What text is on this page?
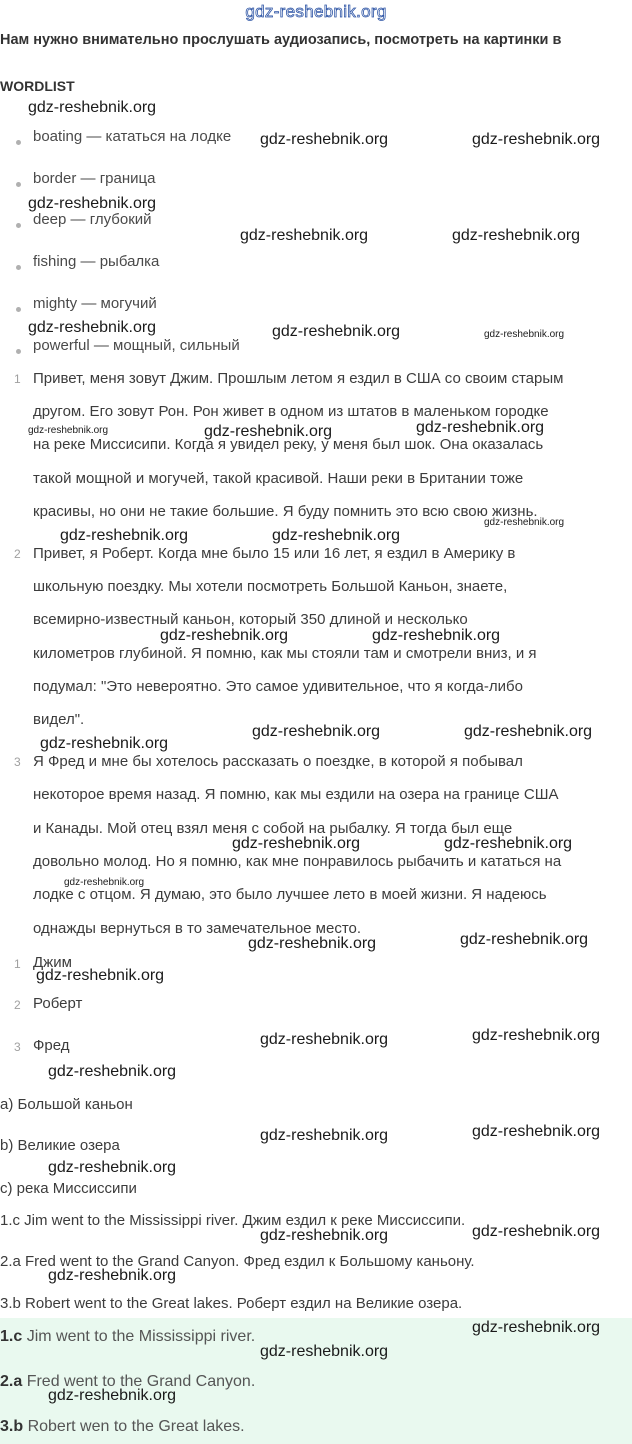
gdz-reshebnik.org
Нам нужно внимательно прослушать аудиозапись, посмотреть на картинки в
WORDLIST
boating — кататься на лодке
border — граница
deep — глубокий
fishing — рыбалка
mighty — могучий
powerful — мощный, сильный
1 Привет, меня зовут Джим. Прошлым летом я ездил в США со своим старым
другом. Его зовут Рон. Рон живет в одном из штатов в маленьком городке
на реке Миссисипи. Когда я увидел реку, у меня был шок. Она оказалась
такой мощной и могучей, такой красивой. Наши реки в Британии тоже
красивы, но они не такие большие. Я буду помнить это всю свою жизнь.
2 Привет, я Роберт. Когда мне было 15 или 16 лет, я ездил в Америку в
школьную поездку. Мы хотели посмотреть Большой Каньон, знаете,
всемирно-известный каньон, который 350 длиной и несколько
километров глубиной. Я помню, как мы стояли там и смотрели вниз, и я
подумал: "Это невероятно. Это самое удивительное, что я когда-либо
видел".
3 Я Фред и мне бы хотелось рассказать о поездке, в которой я побывал
некоторое время назад. Я помню, как мы ездили на озера на границе США
и Канады. Мой отец взял меня с собой на рыбалку. Я тогда был еще
довольно молод. Но я помню, как мне понравилось рыбачить и кататься на
лодке с отцом. Я думаю, это было лучшее лето в моей жизни. Я надеюсь
однажды вернуться в то замечательное место.
1 Джим
2 Роберт
3 Фред
а) Большой каньон
b) Великие озера
c) река Миссиссипи
1.c Jim went to the Mississippi river. Джим ездил к реке Миссиссипи.
2.a Fred went to the Grand Canyon. Фред ездил к Большому каньону.
3.b Robert went to the Great lakes. Роберт ездил на Великие озера.
1.c Jim went to the Mississippi river.
2.a Fred went to the Grand Canyon.
3.b Robert wen to the Great lakes.
gdz-reshebnik.org
gdz-reshebnik.org	gdz-reshebnik.org
gdz-reshebnik.org
gdz-reshebnik.org	gdz-reshebnik.org
gdz-reshebnik.org	gdz-reshebnik.org	gdz-reshebnik.org
gdz-reshebnik.org	gdz-reshebnik.org	gdz-reshebnik.org
gdz-reshebnik.org
gdz-reshebnik.org	gdz-reshebnik.org
gdz-reshebnik.org	gdz-reshebnik.org
gdz-reshebnik.org	gdz-reshebnik.org
gdz-reshebnik.org
gdz-reshebnik.org	gdz-reshebnik.org
gdz-reshebnik.org
gdz-reshebnik.org
gdz-reshebnik.org
gdz-reshebnik.org
gdz-reshebnik.org
gdz-reshebnik.org
gdz-reshebnik.org
gdz-reshebnik.org
gdz-reshebnik.org
gdz-reshebnik.org
gdz-reshebnik.org
gdz-reshebnik.org
gdz-reshebnik.org
gdz-reshebnik.org
gdz-reshebnik.org
gdz-reshebnik.org
